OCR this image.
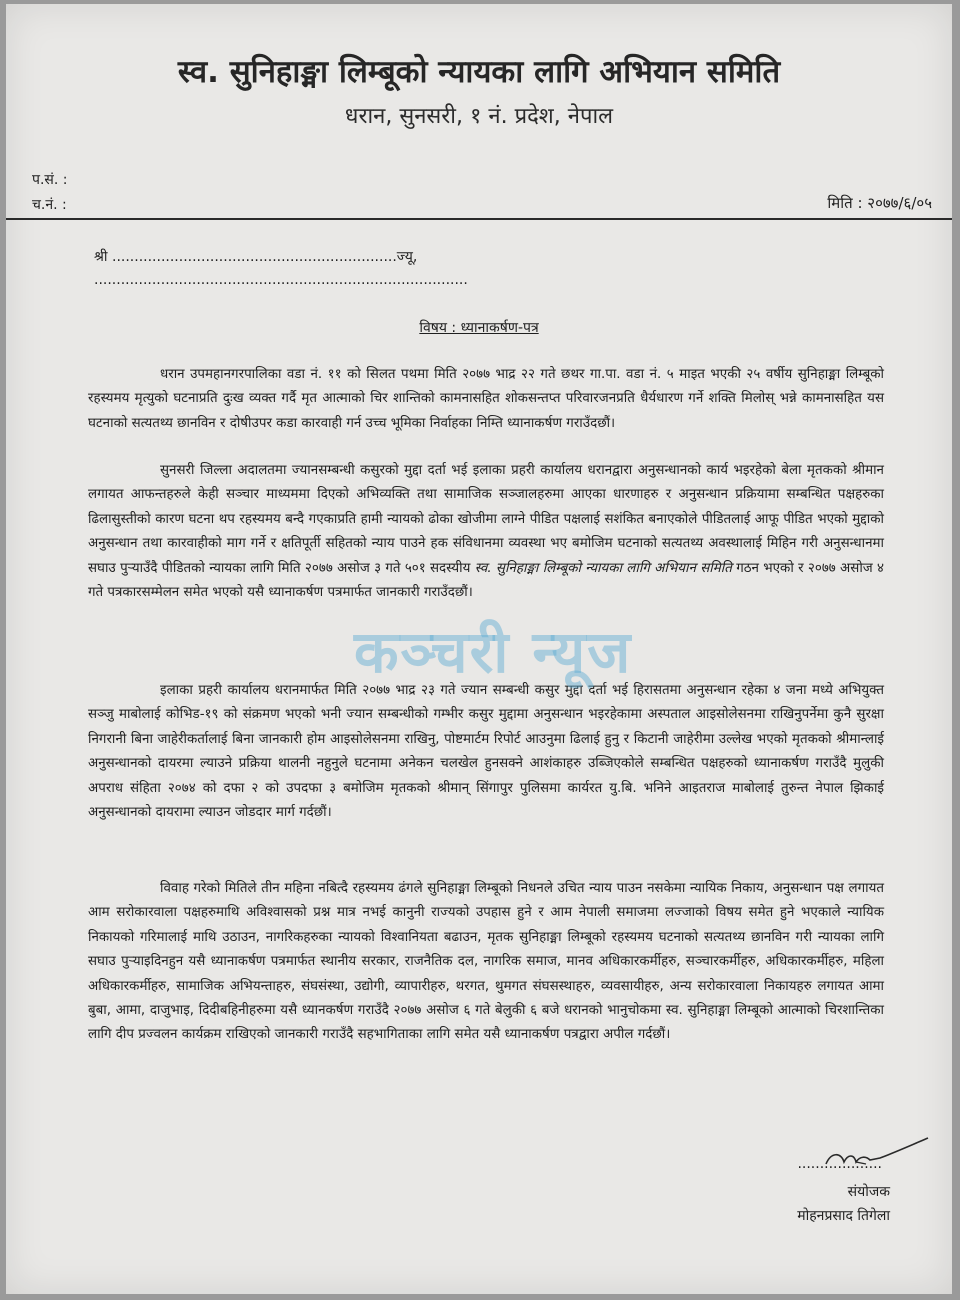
स्व. सुनिहाङ्मा लिम्बूको न्यायका लागि अभियान समिति
धरान, सुनसरी, १ नं. प्रदेश, नेपाल
प.सं. :
च.नं. :	मिति : २०७७/६/०५
श्री ................................................................ज्यू,
....................................................................................
विषय : ध्यानाकर्षण-पत्र

धरान उपमहानगरपालिका वडा नं. ११ को सिलत पथमा मिति २०७७ भाद्र २२ गते छथर गा.पा. वडा नं. ५ माइत भएकी २५ वर्षीय सुनिहाङ्मा लिम्बूको रहस्यमय मृत्युको घटनाप्रति दुःख व्यक्त गर्दै मृत आत्माको चिर शान्तिको कामनासहित शोकसन्तप्त परिवारजनप्रति धैर्यधारण गर्ने शक्ति मिलोस् भन्ने कामनासहित यस घटनाको सत्यतथ्य छानविन र दोषीउपर कडा कारवाही गर्न उच्च भूमिका निर्वाहका निम्ति ध्यानाकर्षण गराउँदछौं।

सुनसरी जिल्ला अदालतमा ज्यानसम्बन्धी कसुरको मुद्दा दर्ता भई इलाका प्रहरी कार्यालय धरानद्वारा अनुसन्धानको कार्य भइरहेको बेला मृतकको श्रीमान लगायत आफन्तहरुले केही सञ्चार माध्यममा दिएको अभिव्यक्ति तथा सामाजिक सञ्जालहरुमा आएका धारणाहरु र अनुसन्धान प्रक्रियामा सम्बन्धित पक्षहरुका ढिलासुस्तीको कारण घटना थप रहस्यमय बन्दै गएकाप्रति हामी न्यायको ढोका खोजीमा लाग्ने पीडित पक्षलाई सशंकित बनाएकोले पीडितलाई आफू पीडित भएको मुद्दाको अनुसन्धान तथा कारवाहीको माग गर्ने र क्षतिपूर्ती सहितको न्याय पाउने हक संविधानमा व्यवस्था भए बमोजिम घटनाको सत्यतथ्य अवस्थालाई मिहिन गरी अनुसन्धानमा सघाउ पुऱ्याउँदै पीडितको न्यायका लागि मिति २०७७ असोज ३ गते ५०१ सदस्यीय स्व. सुनिहाङ्मा लिम्बूको न्यायका लागि अभियान समिति गठन भएको र २०७७ असोज ४ गते पत्रकारसम्मेलन समेत भएको यसै ध्यानाकर्षण पत्रमार्फत जानकारी गराउँदछौं।

इलाका प्रहरी कार्यालय धरानमार्फत मिति २०७७ भाद्र २३ गते ज्यान सम्बन्धी कसुर मुद्दा दर्ता भई हिरासतमा अनुसन्धान रहेका ४ जना मध्ये अभियुक्त सञ्जु माबोलाई कोभिड-१९ को संक्रमण भएको भनी ज्यान सम्बन्धीको गम्भीर कसुर मुद्दामा अनुसन्धान भइरहेकामा अस्पताल आइसोलेसनमा राखिनुपर्नेमा कुनै सुरक्षा निगरानी बिना जाहेरीकर्तालाई बिना जानकारी होम आइसोलेसनमा राखिनु, पोष्टमार्टम रिपोर्ट आउनुमा ढिलाई हुनु र किटानी जाहेरीमा उल्लेख भएको मृतकको श्रीमान्लाई अनुसन्धानको दायरमा ल्याउने प्रक्रिया थालनी नहुनुले घटनामा अनेकन चलखेल हुनसक्ने आशंकाहरु उब्जिएकोले सम्बन्धित पक्षहरुको ध्यानाकर्षण गराउँदै मुलुकी अपराध संहिता २०७४ को दफा २ को उपदफा ३ बमोजिम मृतकको श्रीमान् सिंगापुर पुलिसमा कार्यरत यु.बि. भनिने आइतराज माबोलाई तुरुन्त नेपाल झिकाई अनुसन्धानको दायरामा ल्याउन जोडदार मार्ग गर्दछौं।

विवाह गरेको मितिले तीन महिना नबित्दै रहस्यमय ढंगले सुनिहाङ्मा लिम्बूको निधनले उचित न्याय पाउन नसकेमा न्यायिक निकाय, अनुसन्धान पक्ष लगायत आम सरोकारवाला पक्षहरुमाथि अविश्वासको प्रश्न मात्र नभई कानुनी राज्यको उपहास हुने र आम नेपाली समाजमा लज्जाको विषय समेत हुने भएकाले न्यायिक निकायको गरिमालाई माथि उठाउन, नागरिकहरुका न्यायको विश्वानियता बढाउन, मृतक सुनिहाङ्मा लिम्बूको रहस्यमय घटनाको सत्यतथ्य छानविन गरी न्यायका लागि सघाउ पुऱ्याइदिनहुन यसै ध्यानाकर्षण पत्रमार्फत स्थानीय सरकार, राजनैतिक दल, नागरिक समाज, मानव अधिकारकर्मीहरु, सञ्चारकर्मीहरु, अधिकारकर्मीहरु, महिला अधिकारकर्मीहरु, सामाजिक अभियन्ताहरु, संघसंस्था, उद्योगी, व्यापारीहरु, थरगत, थुमगत संघसस्थाहरु, व्यवसायीहरु, अन्य सरोकारवाला निकायहरु लगायत आमा बुबा, आमा, दाजुभाइ, दिदीबहिनीहरुमा यसै ध्यानकर्षण गराउँदै २०७७ असोज ६ गते बेलुकी ६ बजे धरानको भानुचोकमा स्व. सुनिहाङ्मा लिम्बूको आत्माको चिरशान्तिका लागि दीप प्रज्वलन कार्यक्रम राखिएको जानकारी गराउँदै सहभागिताका लागि समेत यसै ध्यानाकर्षण पत्रद्वारा अपील गर्दछौं।

कञ्चरी न्यूज
...................
संयोजक
मोहनप्रसाद तिगेला
